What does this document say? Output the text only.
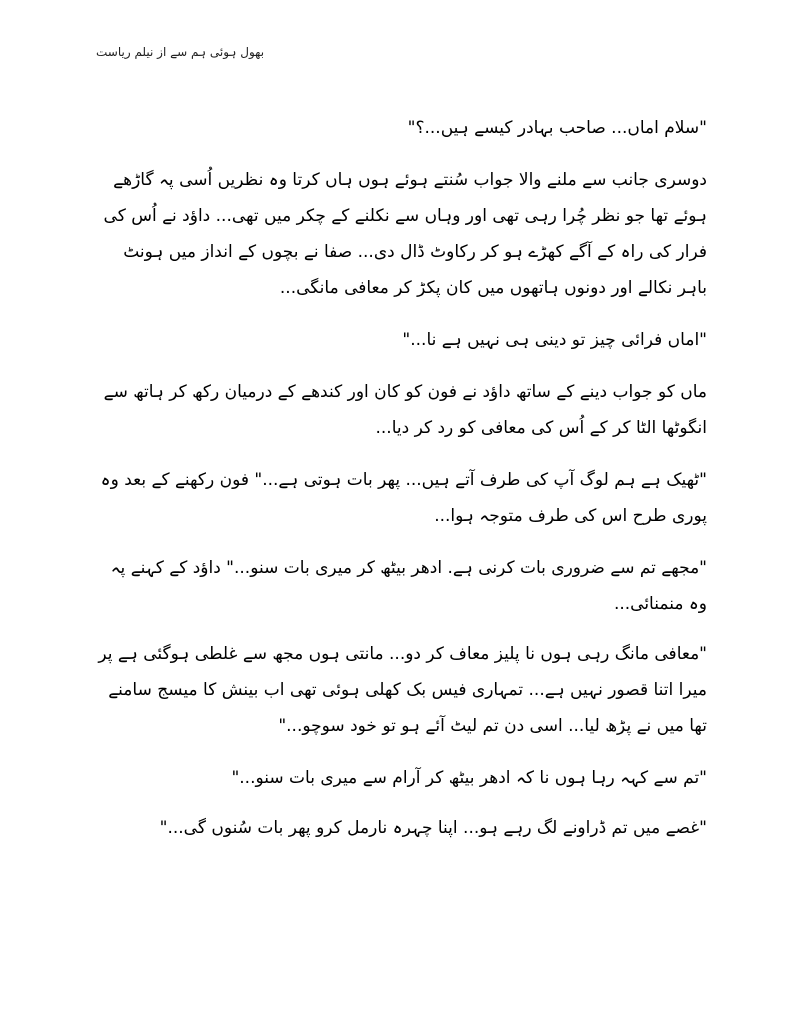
بھول ہوئی ہم سے از نیلم ریاست

"سلام اماں... صاحب بہادر کیسے ہیں...؟"

دوسری جانب سے ملنے والا جواب سُنتے ہوئے ہوں ہاں کرتا وہ نظریں اُسی پہ گاڑھے ہوئے تھا جو نظر چُرا رہی تھی اور وہاں سے نکلنے کے چکر میں تھی... داؤد نے اُس کی فرار کی راہ کے آگے کھڑے ہو کر رکاوٹ ڈال دی... صفا نے بچوں کے انداز میں ہونٹ باہر نکالے اور دونوں ہاتھوں میں کان پکڑ کر معافی مانگی...

"اماں فرائی چیز تو دینی ہی نہیں ہے نا..."

ماں کو جواب دینے کے ساتھ داؤد نے فون کو کان اور کندھے کے درمیان رکھ کر ہاتھ سے انگوٹھا الٹا کر کے اُس کی معافی کو رد کر دیا...

"ٹھیک ہے ہم لوگ آپ کی طرف آتے ہیں... پھر بات ہوتی ہے..." فون رکھنے کے بعد وہ پوری طرح اس کی طرف متوجہ ہوا...

"مجھے تم سے ضروری بات کرنی ہے. ادھر بیٹھ کر میری بات سنو..." داؤد کے کہنے پہ وہ منمنائی...

"معافی مانگ رہی ہوں نا پلیز معاف کر دو... مانتی ہوں مجھ سے غلطی ہوگئی ہے پر میرا اتنا قصور نہیں ہے... تمہاری فیس بک کھلی ہوئی تھی اب بینش کا میسج سامنے تھا میں نے پڑھ لیا... اسی دن تم لیٹ آئے ہو تو خود سوچو..."

"تم سے کہہ رہا ہوں نا کہ ادھر بیٹھ کر آرام سے میری بات سنو..."

"غصے میں تم ڈراونے لگ رہے ہو... اپنا چہرہ نارمل کرو پھر بات سُنوں گی..."
